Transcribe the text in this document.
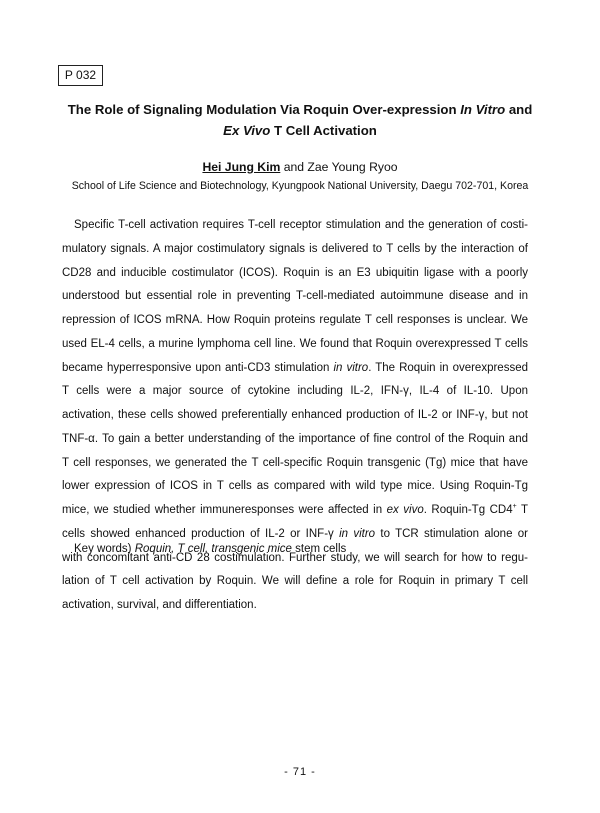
P 032
The Role of Signaling Modulation Via Roquin Over-expression In Vitro and
Ex Vivo T Cell Activation
Hei Jung Kim and Zae Young Ryoo
School of Life Science and Biotechnology, Kyungpook National University, Daegu 702-701, Korea
Specific T-cell activation requires T-cell receptor stimulation and the generation of costi-
mulatory signals. A major costimulatory signals is delivered to T cells by the interaction of
CD28 and inducible costimulator (ICOS). Roquin is an E3 ubiquitin ligase with a poorly
understood but essential role in preventing T-cell-mediated autoimmune disease and in
repression of ICOS mRNA. How Roquin proteins regulate T cell responses is unclear. We
used EL-4 cells, a murine lymphoma cell line. We found that Roquin overexpressed T cells
became hyperresponsive upon anti-CD3 stimulation in vitro. The Roquin in overexpressed
T cells were a major source of cytokine including IL-2, IFN-γ, IL-4 of IL-10. Upon
activation, these cells showed preferentially enhanced production of IL-2 or INF-γ, but not
TNF-α. To gain a better understanding of the importance of fine control of the Roquin and
T cell responses, we generated the T cell-specific Roquin transgenic (Tg) mice that have
lower expression of ICOS in T cells as compared with wild type mice. Using Roquin-Tg
mice, we studied whether immuneresponses were affected in ex vivo. Roquin-Tg CD4+ T
cells showed enhanced production of IL-2 or INF-γ in vitro to TCR stimulation alone or
with concomitant anti-CD 28 costimulation. Further study, we will search for how to regu-
lation of T cell activation by Roquin. We will define a role for Roquin in primary T cell
activation, survival, and differentiation.
Key words) Roquin, T cell, transgenic mice stem cells
- 71 -
